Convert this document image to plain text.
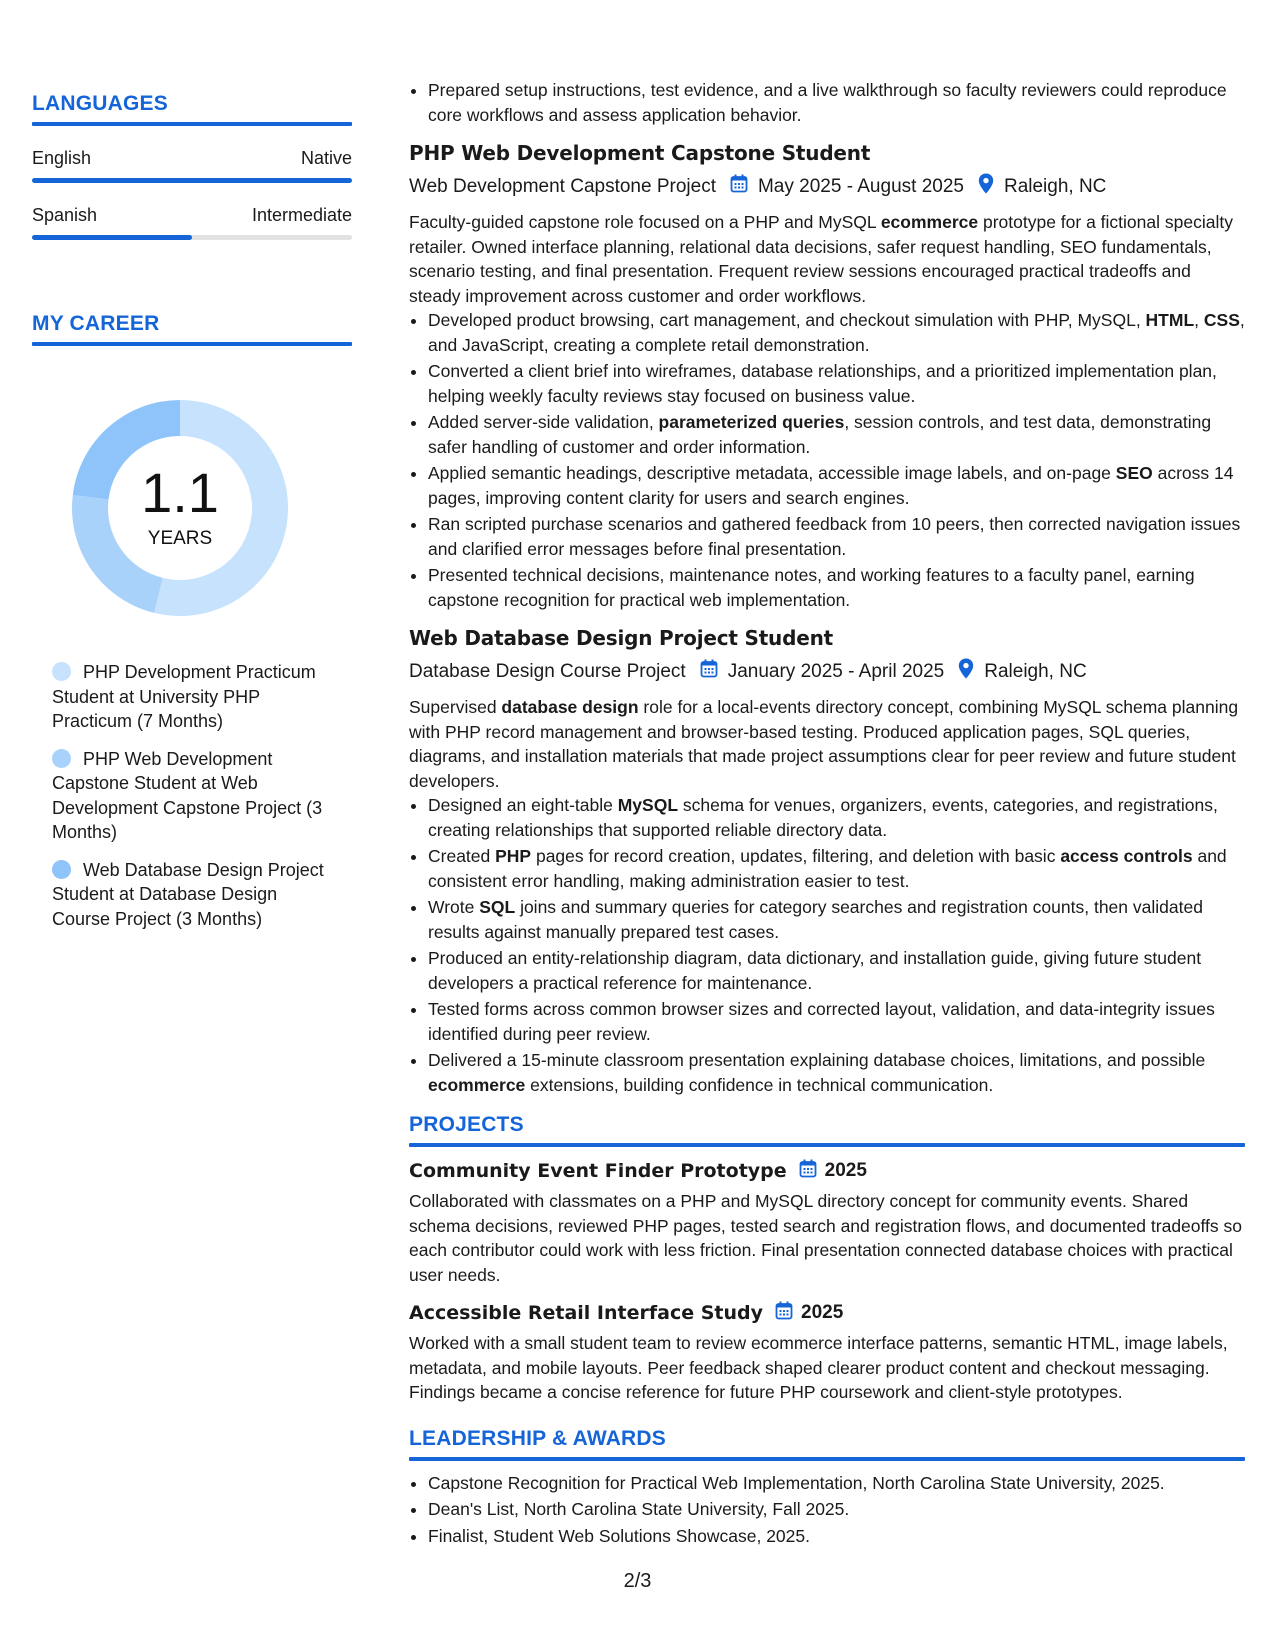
LANGUAGES
English	Native
Spanish	Intermediate
MY CAREER
1.1
YEARS
PHP Development Practicum Student at University PHP Practicum (7 Months)
PHP Web Development Capstone Student at Web Development Capstone Project (3 Months)
Web Database Design Project Student at Database Design Course Project (3 Months)
• Prepared setup instructions, test evidence, and a live walkthrough so faculty reviewers could reproduce core workflows and assess application behavior.
PHP Web Development Capstone Student
Web Development Capstone Project May 2025 - August 2025 Raleigh, NC
Faculty-guided capstone role focused on a PHP and MySQL ecommerce prototype for a fictional specialty retailer. Owned interface planning, relational data decisions, safer request handling, SEO fundamentals, scenario testing, and final presentation. Frequent review sessions encouraged practical tradeoffs and steady improvement across customer and order workflows.
• Developed product browsing, cart management, and checkout simulation with PHP, MySQL, HTML, CSS, and JavaScript, creating a complete retail demonstration.
• Converted a client brief into wireframes, database relationships, and a prioritized implementation plan, helping weekly faculty reviews stay focused on business value.
• Added server-side validation, parameterized queries, session controls, and test data, demonstrating safer handling of customer and order information.
• Applied semantic headings, descriptive metadata, accessible image labels, and on-page SEO across 14 pages, improving content clarity for users and search engines.
• Ran scripted purchase scenarios and gathered feedback from 10 peers, then corrected navigation issues and clarified error messages before final presentation.
• Presented technical decisions, maintenance notes, and working features to a faculty panel, earning capstone recognition for practical web implementation.
Web Database Design Project Student
Database Design Course Project January 2025 - April 2025 Raleigh, NC
Supervised database design role for a local-events directory concept, combining MySQL schema planning with PHP record management and browser-based testing. Produced application pages, SQL queries, diagrams, and installation materials that made project assumptions clear for peer review and future student developers.
• Designed an eight-table MySQL schema for venues, organizers, events, categories, and registrations, creating relationships that supported reliable directory data.
• Created PHP pages for record creation, updates, filtering, and deletion with basic access controls and consistent error handling, making administration easier to test.
• Wrote SQL joins and summary queries for category searches and registration counts, then validated results against manually prepared test cases.
• Produced an entity-relationship diagram, data dictionary, and installation guide, giving future student developers a practical reference for maintenance.
• Tested forms across common browser sizes and corrected layout, validation, and data-integrity issues identified during peer review.
• Delivered a 15-minute classroom presentation explaining database choices, limitations, and possible ecommerce extensions, building confidence in technical communication.
PROJECTS
Community Event Finder Prototype 2025
Collaborated with classmates on a PHP and MySQL directory concept for community events. Shared schema decisions, reviewed PHP pages, tested search and registration flows, and documented tradeoffs so each contributor could work with less friction. Final presentation connected database choices with practical user needs.
Accessible Retail Interface Study 2025
Worked with a small student team to review ecommerce interface patterns, semantic HTML, image labels, metadata, and mobile layouts. Peer feedback shaped clearer product content and checkout messaging. Findings became a concise reference for future PHP coursework and client-style prototypes.
LEADERSHIP & AWARDS
• Capstone Recognition for Practical Web Implementation, North Carolina State University, 2025.
• Dean's List, North Carolina State University, Fall 2025.
• Finalist, Student Web Solutions Showcase, 2025.
2/3
